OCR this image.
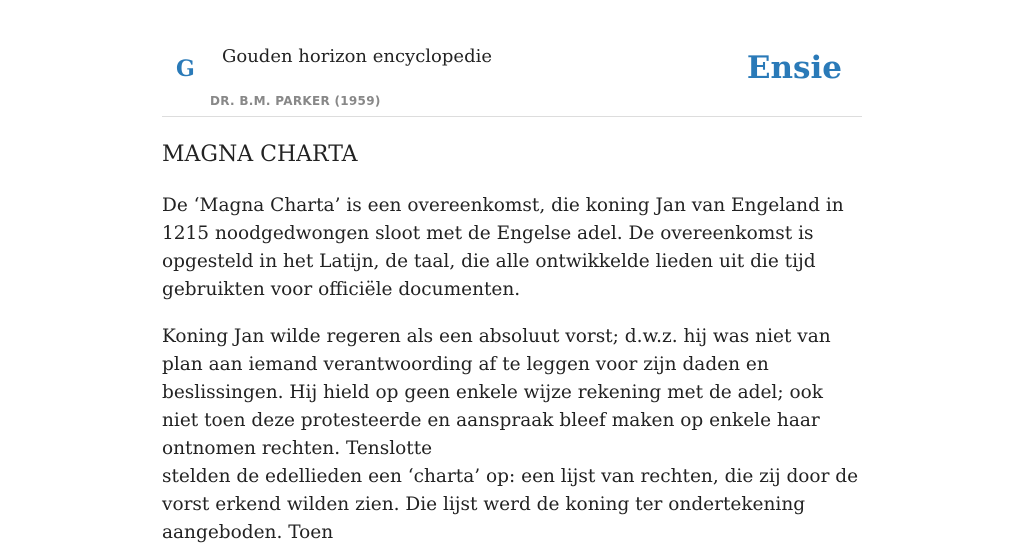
G Gouden horizon encyclopedie
DR. B.M. PARKER (1959)
Ensie
MAGNA CHARTA

De ‘Magna Charta’ is een overeenkomst, die koning Jan van Engeland in 1215 noodgedwongen sloot met de Engelse adel. De overeenkomst is opgesteld in het Latijn, de taal, die alle ontwikkelde lieden uit die tijd gebruikten voor officiële documenten.

Koning Jan wilde regeren als een absoluut vorst; d.w.z. hij was niet van plan aan iemand verantwoording af te leggen voor zijn daden en beslissingen. Hij hield op geen enkele wijze rekening met de adel; ook niet toen deze protesteerde en aanspraak bleef maken op enkele haar ontnomen rechten. Tenslotte

stelden de edellieden een ‘charta’ op: een lijst van rechten, die zij door de vorst erkend wilden zien. Die lijst werd de koning ter ondertekening aangeboden. Toen
